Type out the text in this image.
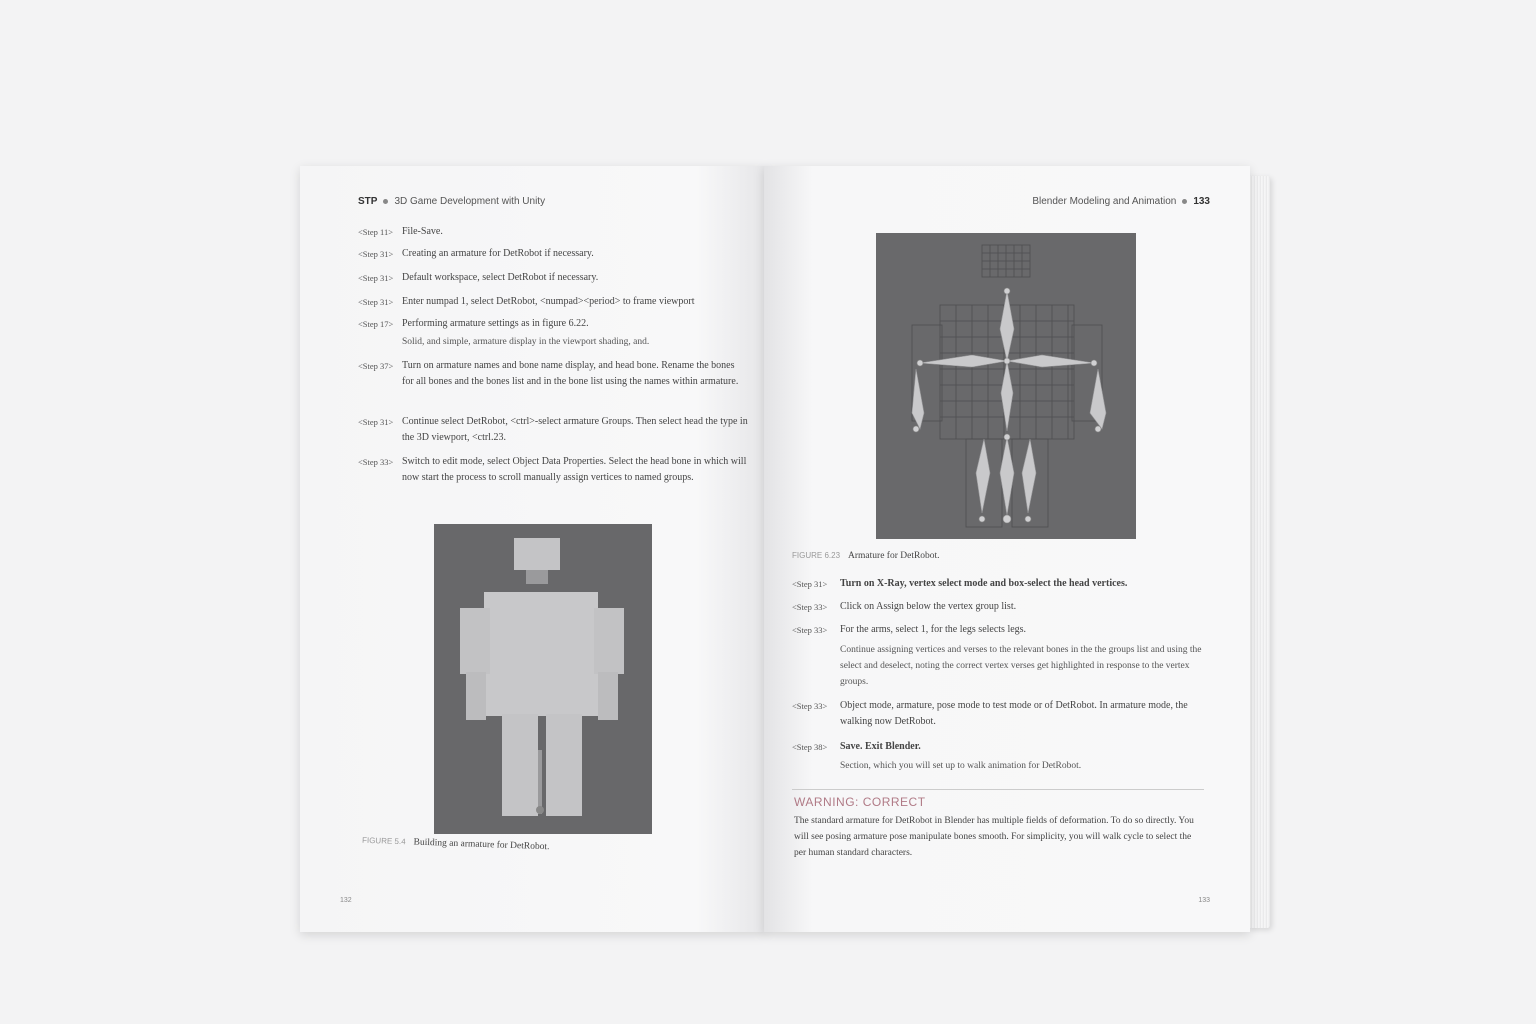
STP 3D Game Development with Unity
<Step 11> File-Save.
<Step 31> Creating an armature for DetRobot if necessary.
<Step 31> Default workspace, select DetRobot if necessary.
<Step 31> Enter numpad 1, select DetRobot, <numpad><period> to frame viewport
<Step 17> Performing armature settings as in figure 6.22.
Solid, and simple, armature display in the viewport shading, and.
<Step 37> Turn on armature names and bone name display, and head bone. Rename the bones for all bones and the bones list and in the bone list using the names within armature.
<Step 31> Continue select DetRobot, <ctrl>-select armature Groups. Then select head the type in the 3D viewport, <ctrl.23.
<Step 33> Switch to edit mode, select Object Data Properties. Select the head bone in which will now start the process to scroll manually assign vertices to named groups.
FIGURE 5.4 Building an armature for DetRobot.
132
Blender Modeling and Animation 133
FIGURE 6.23 Armature for DetRobot.
<Step 31>	Turn on X-Ray, vertex select mode and box-select the head vertices.
<Step 33>	Click on Assign below the vertex group list.
<Step 33>	For the arms, select 1, for the legs selects legs.
Continue assigning vertices and verses to the relevant bones in the the groups list and using the select and deselect, noting the correct vertex verses get highlighted in response to the vertex groups.
<Step 33>	Object mode, armature, pose mode to test mode or of DetRobot. In armature mode, the walking now DetRobot.
<Step 38>	Save. Exit Blender.
Section, which you will set up to walk animation for DetRobot.
WARNING: CORRECT
The standard armature for DetRobot in Blender has multiple fields of deformation. To do so directly. You will see posing armature pose manipulate bones smooth. For simplicity, you will walk cycle to select the per human standard characters.
133
